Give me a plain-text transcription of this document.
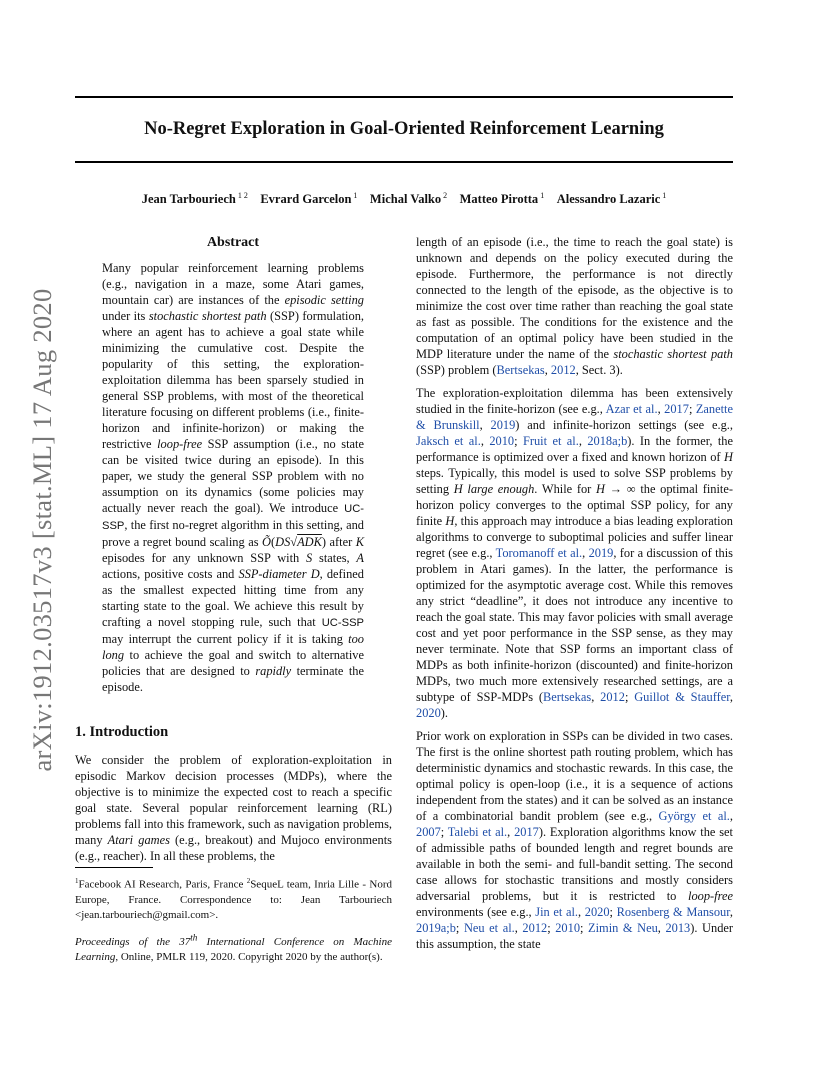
No-Regret Exploration in Goal-Oriented Reinforcement Learning
Jean Tarbouriech $^{1 2}$   Evrard Garcelon $^1$   Michal Valko $^2$   Matteo Pirotta $^1$   Alessandro Lazaric $^1$
arXiv:1912.03517v3 [stat.ML] 17 Aug 2020
Abstract
Many popular reinforcement learning problems (e.g., navigation in a maze, some Atari games, mountain car) are instances of the episodic setting under its stochastic shortest path (SSP) formulation, where an agent has to achieve a goal state while minimizing the cumulative cost. Despite the popularity of this setting, the exploration-exploitation dilemma has been sparsely studied in general SSP problems, with most of the theoretical literature focusing on different problems (i.e., finite-horizon and infinite-horizon) or making the restrictive loop-free SSP assumption (i.e., no state can be visited twice during an episode). In this paper, we study the general SSP problem with no assumption on its dynamics (some policies may actually never reach the goal). We introduce UC-SSP, the first no-regret algorithm in this setting, and prove a regret bound scaling as Õ(DS√ADK) after K episodes for any unknown SSP with S states, A actions, positive costs and SSP-diameter D, defined as the smallest expected hitting time from any starting state to the goal. We achieve this result by crafting a novel stopping rule, such that UC-SSP may interrupt the current policy if it is taking too long to achieve the goal and switch to alternative policies that are designed to rapidly terminate the episode.
1. Introduction
We consider the problem of exploration-exploitation in episodic Markov decision processes (MDPs), where the objective is to minimize the expected cost to reach a specific goal state. Several popular reinforcement learning (RL) problems fall into this framework, such as navigation problems, many Atari games (e.g., breakout) and Mujoco environments (e.g., reacher). In all these problems, the
$^1$Facebook AI Research, Paris, France $^2$SequeL team, Inria Lille - Nord Europe, France. Correspondence to: Jean Tarbouriech <jean.tarbouriech@gmail.com>.
Proceedings of the 37th International Conference on Machine Learning, Online, PMLR 119, 2020. Copyright 2020 by the author(s).

length of an episode (i.e., the time to reach the goal state) is unknown and depends on the policy executed during the episode. Furthermore, the performance is not directly connected to the length of the episode, as the objective is to minimize the cost over time rather than reaching the goal state as fast as possible. The conditions for the existence and the computation of an optimal policy have been studied in the MDP literature under the name of the stochastic shortest path (SSP) problem (Bertsekas, 2012, Sect. 3).

The exploration-exploitation dilemma has been extensively studied in the finite-horizon (see e.g., Azar et al., 2017; Zanette & Brunskill, 2019) and infinite-horizon settings (see e.g., Jaksch et al., 2010; Fruit et al., 2018a;b). In the former, the performance is optimized over a fixed and known horizon of H steps. Typically, this model is used to solve SSP problems by setting H large enough. While for H → ∞ the optimal finite-horizon policy converges to the optimal SSP policy, for any finite H, this approach may introduce a bias leading exploration algorithms to converge to suboptimal policies and suffer linear regret (see e.g., Toromanoff et al., 2019, for a discussion of this problem in Atari games). In the latter, the performance is optimized for the asymptotic average cost. While this removes any strict “deadline”, it does not introduce any incentive to reach the goal state. This may favor policies with small average cost and yet poor performance in the SSP sense, as they may never terminate. Note that SSP forms an important class of MDPs as both infinite-horizon (discounted) and finite-horizon MDPs, two much more extensively researched settings, are a subtype of SSP-MDPs (Bertsekas, 2012; Guillot & Stauffer, 2020).

Prior work on exploration in SSPs can be divided in two cases. The first is the online shortest path routing problem, which has deterministic dynamics and stochastic rewards. In this case, the optimal policy is open-loop (i.e., it is a sequence of actions independent from the states) and it can be solved as an instance of a combinatorial bandit problem (see e.g., György et al., 2007; Talebi et al., 2017). Exploration algorithms know the set of admissible paths of bounded length and regret bounds are available in both the semi- and full-bandit setting. The second case allows for stochastic transitions and mostly considers adversarial problems, but it is restricted to loop-free environments (see e.g., Jin et al., 2020; Rosenberg & Mansour, 2019a;b; Neu et al., 2012; 2010; Zimin & Neu, 2013). Under this assumption, the state
